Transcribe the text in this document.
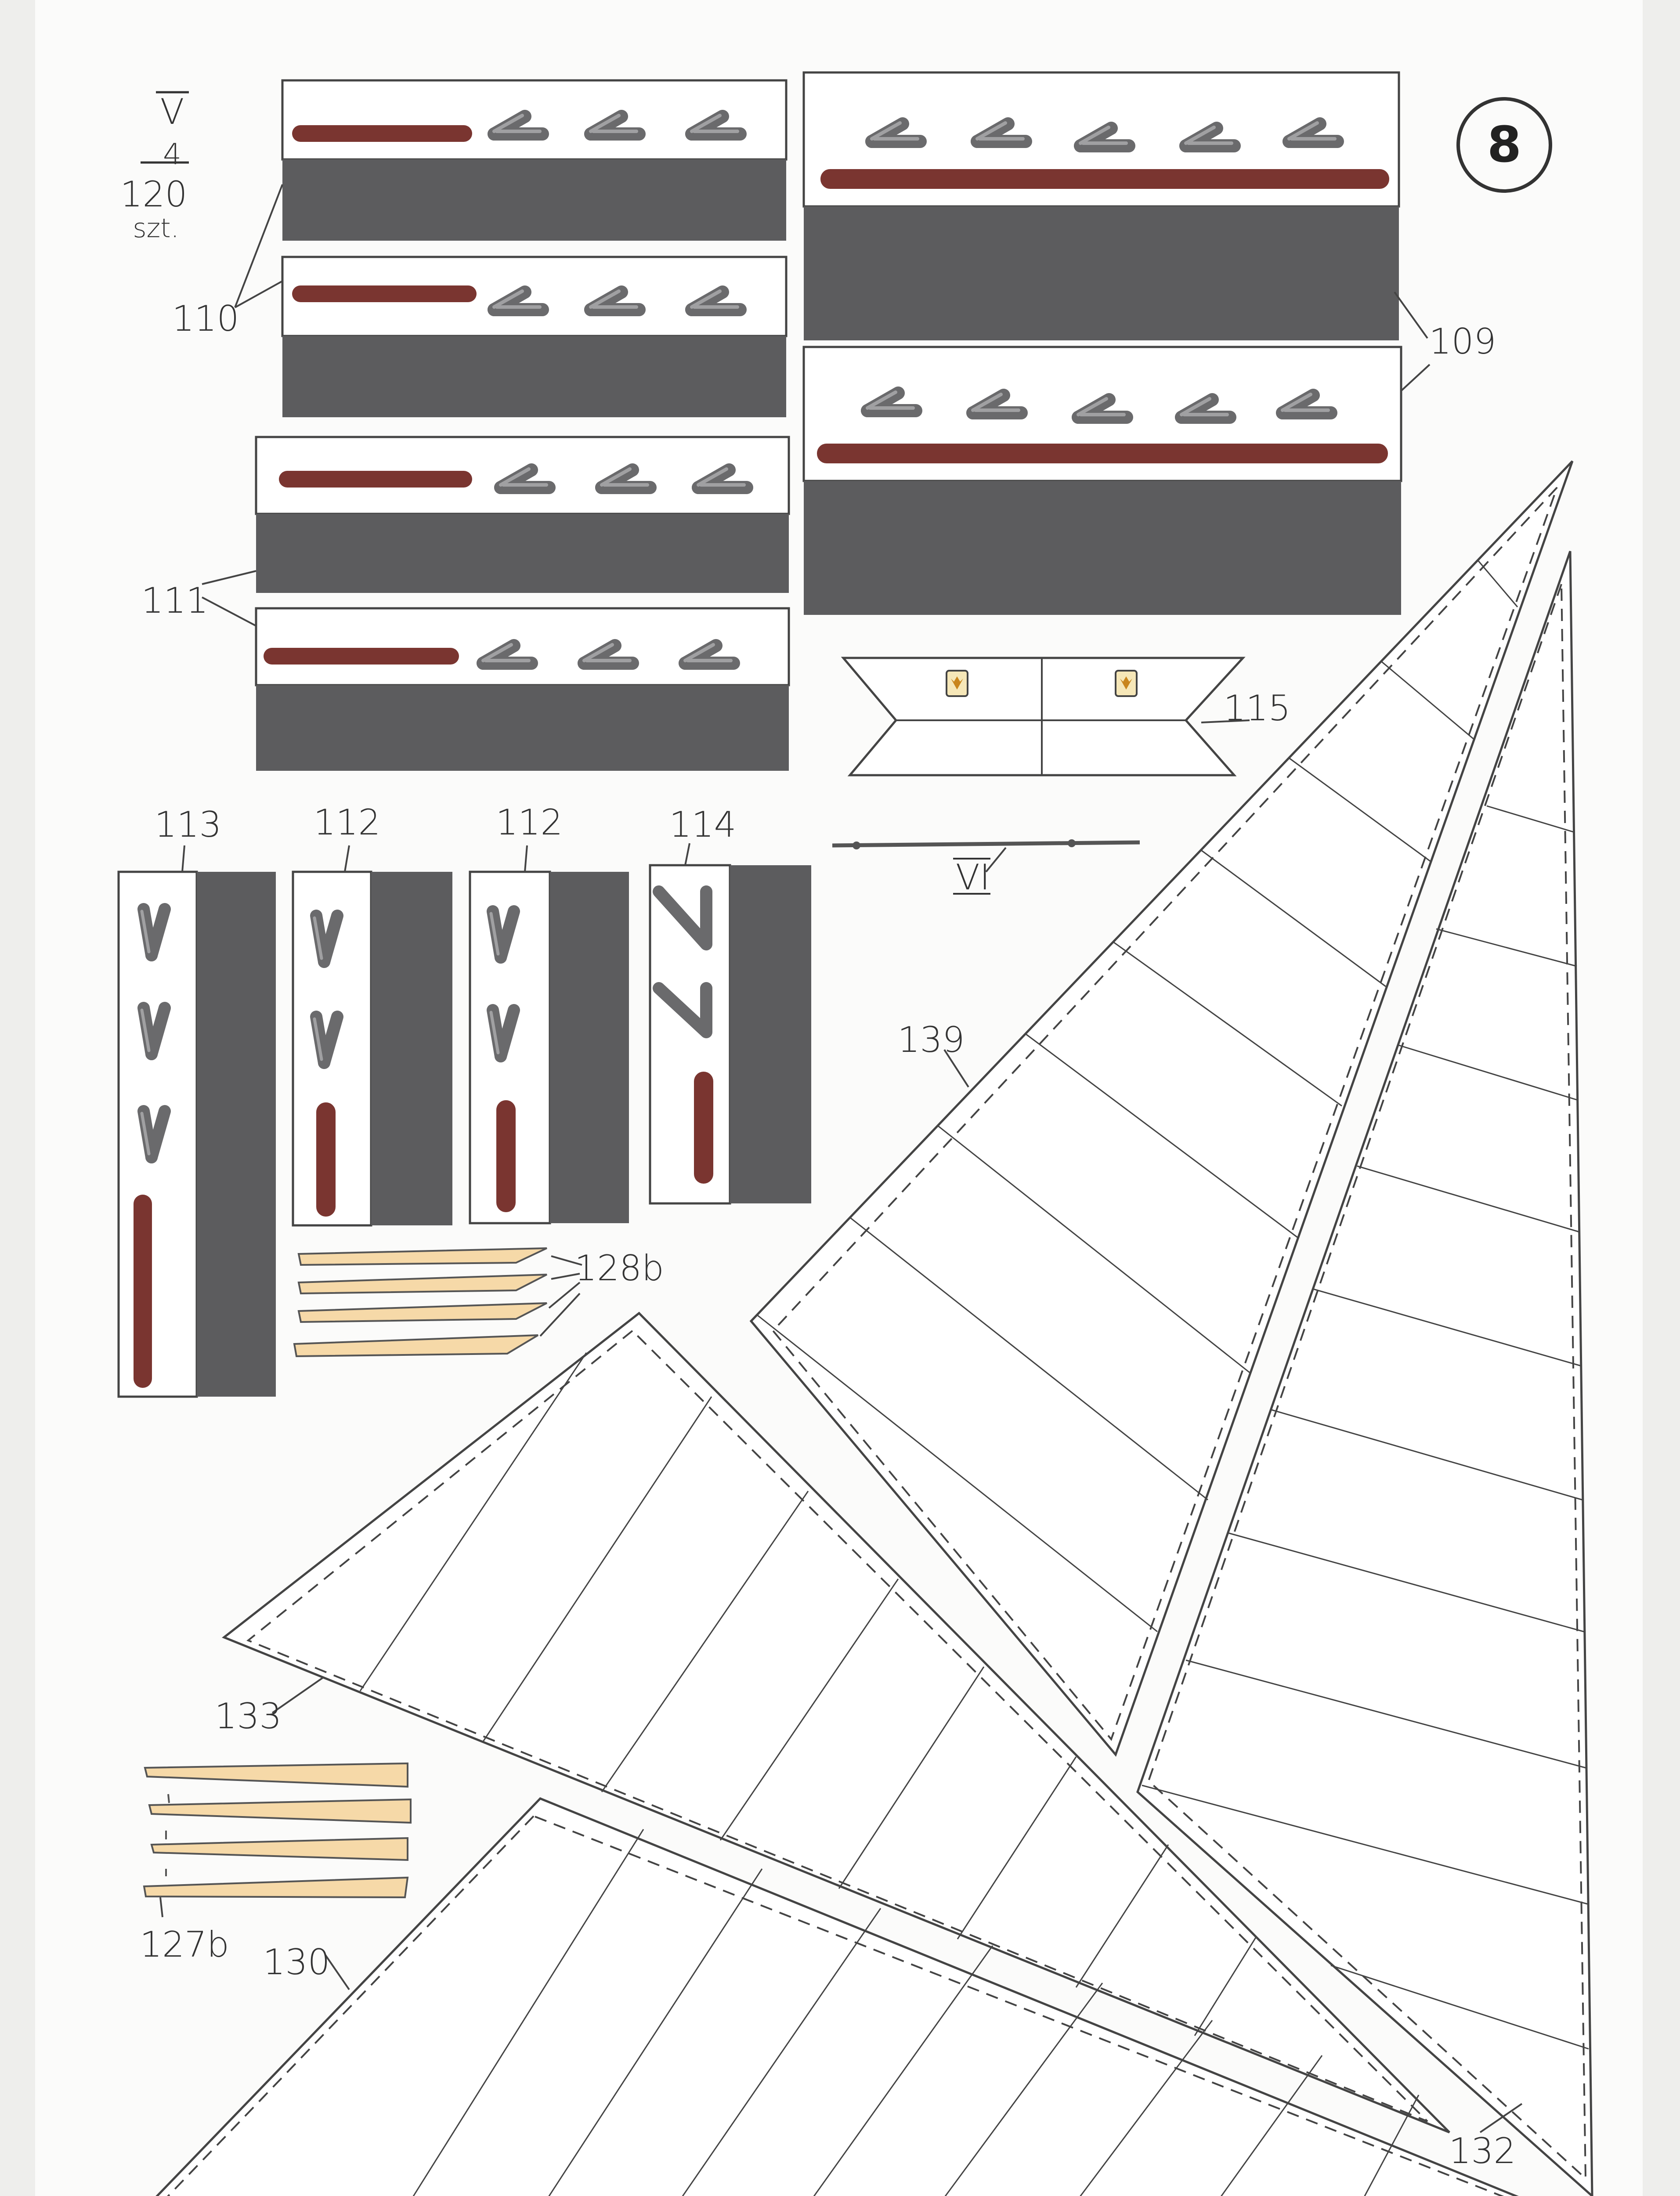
8
V
4
120
szt.
110
109
111
115
113	112	112	114
VI
139
128b
133
127b 130
132
